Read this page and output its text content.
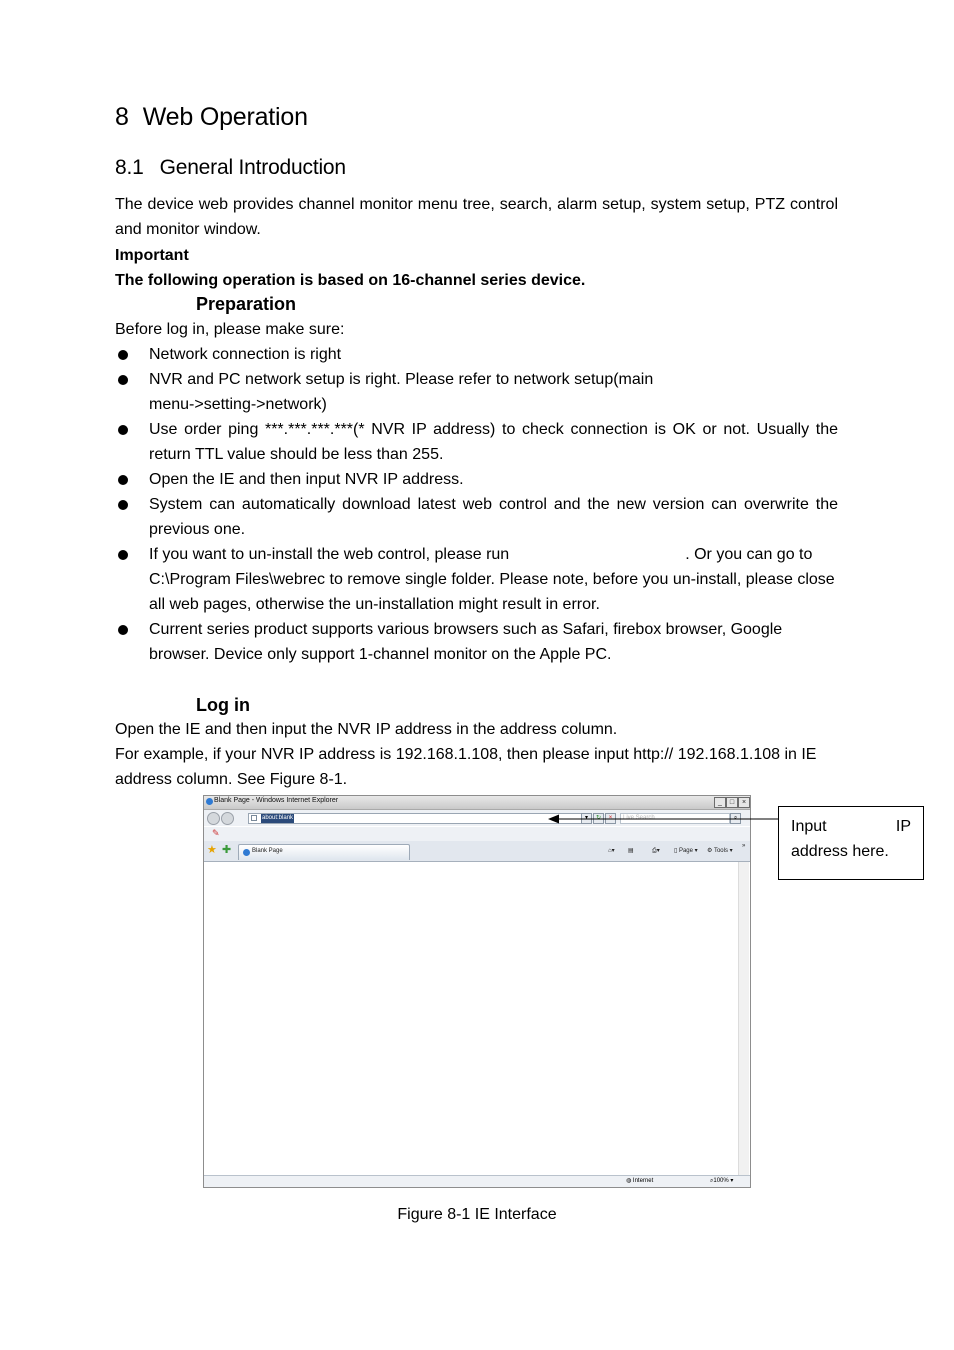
8 Web Operation
8.1 General Introduction
The device web provides channel monitor menu tree, search, alarm setup, system setup, PTZ control and monitor window.
Important
The following operation is based on 16-channel series device.
Preparation
Before log in, please make sure:
Network connection is right
NVR and PC network setup is right. Please refer to network setup(main menu->setting->network)
Use order ping ***.***.***.***(* NVR IP address) to check connection is OK or not. Usually the return TTL value should be less than 255.
Open the IE and then input NVR IP address.
System can automatically download latest web control and the new version can overwrite the previous one.
If you want to un-install the web control, please run	. Or you can go to C:\Program Files\webrec to remove single folder. Please note, before you un-install, please close all web pages, otherwise the un-installation might result in error.
Current series product supports various browsers such as Safari, firebox browser, Google browser. Device only support 1-channel monitor on the Apple PC.
Log in
Open the IE and then input the NVR IP address in the address column.
For example, if your NVR IP address is 192.168.1.108, then please input http:// 192.168.1.108 in IE address column. See Figure 8-1.
Blank Page - Windows Internet Explorer	_	□	×
about:blank	▾	↻	×	Live Search	⌕
✎
★ ✚	Blank Page	⌂▾ ▤	⎙▾ ▯ Page ▾ ⚙ Tools ▾
»
◍ Internet	⌕100% ▾
Input	IP
address here.
Figure 8-1 IE Interface
